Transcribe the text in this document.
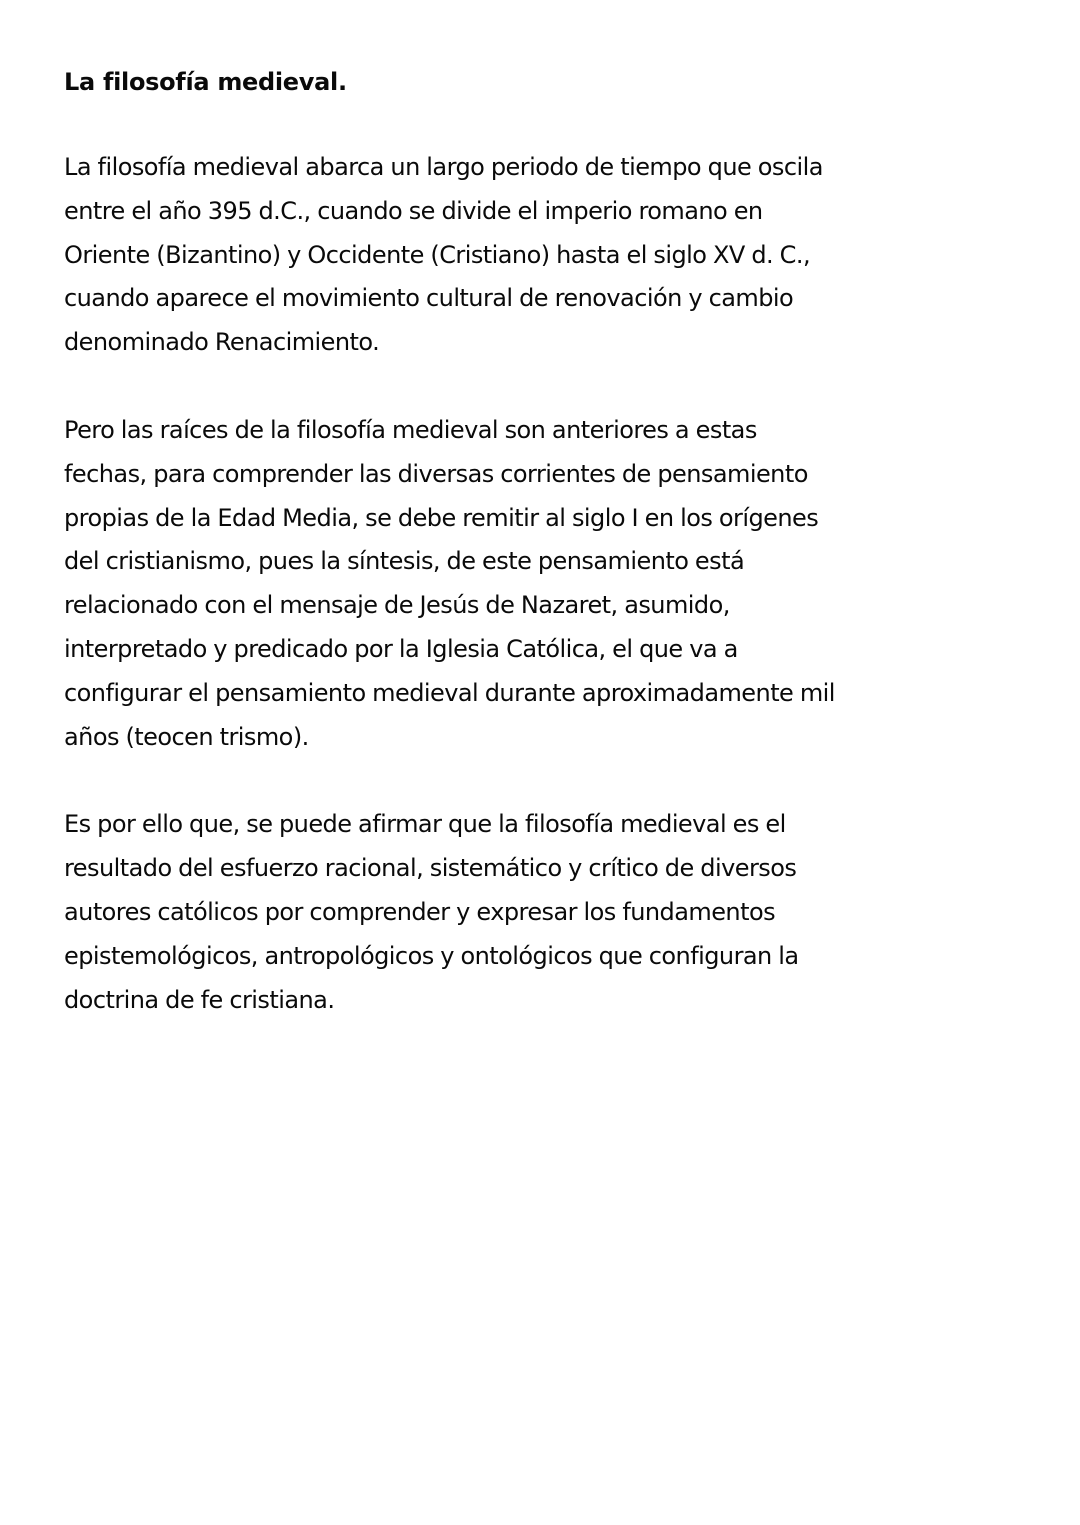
La filosofía medieval.

La filosofía medieval abarca un largo periodo de tiempo que oscila
entre el año 395 d.C., cuando se divide el imperio romano en
Oriente (Bizantino) y Occidente (Cristiano) hasta el siglo XV d. C.,
cuando aparece el movimiento cultural de renovación y cambio
denominado Renacimiento.

Pero las raíces de la filosofía medieval son anteriores a estas
fechas, para comprender las diversas corrientes de pensamiento
propias de la Edad Media, se debe remitir al siglo I en los orígenes
del cristianismo, pues la síntesis, de este pensamiento está
relacionado con el mensaje de Jesús de Nazaret, asumido,
interpretado y predicado por la Iglesia Católica, el que va a
configurar el pensamiento medieval durante aproximadamente mil
años (teocen trismo).

Es por ello que, se puede afirmar que la filosofía medieval es el
resultado del esfuerzo racional, sistemático y crítico de diversos
autores católicos por comprender y expresar los fundamentos
epistemológicos, antropológicos y ontológicos que configuran la
doctrina de fe cristiana.
